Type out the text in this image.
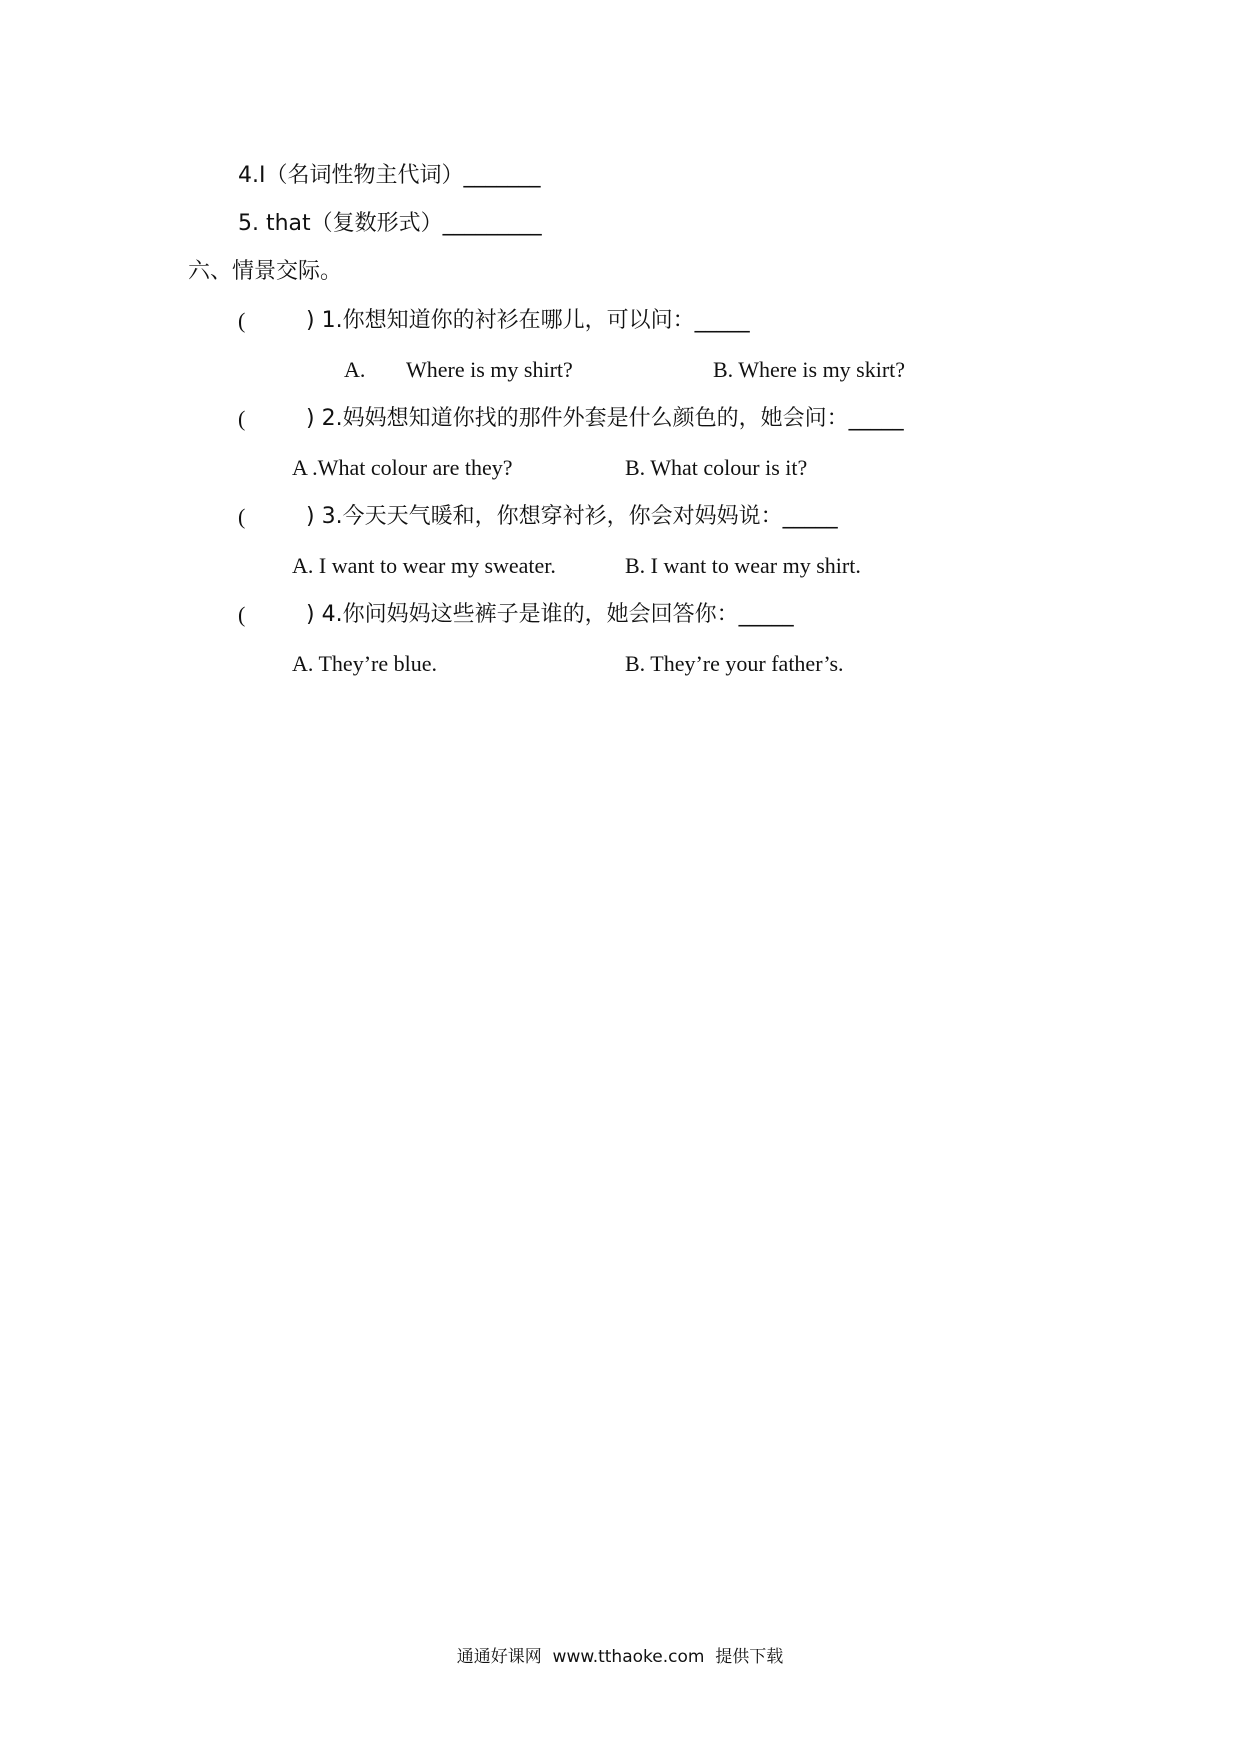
4.I（名词性物主代词）_______
5. that（复数形式）_________
六、情景交际。
(	) 1.你想知道你的衬衫在哪儿，可以问：_____
A. Where is my shirt?	B. Where is my skirt?
(	) 2.妈妈想知道你找的那件外套是什么颜色的，她会问：_____
A .What colour are they?	B. What colour is it?
(	) 3.今天天气暖和，你想穿衬衫，你会对妈妈说：_____
A. I want to wear my sweater.	B. I want to wear my shirt.
(	) 4.你问妈妈这些裤子是谁的，她会回答你：_____
A. They’re blue.	B. They’re your father’s.
通通好课网  www.tthaoke.com  提供下载
